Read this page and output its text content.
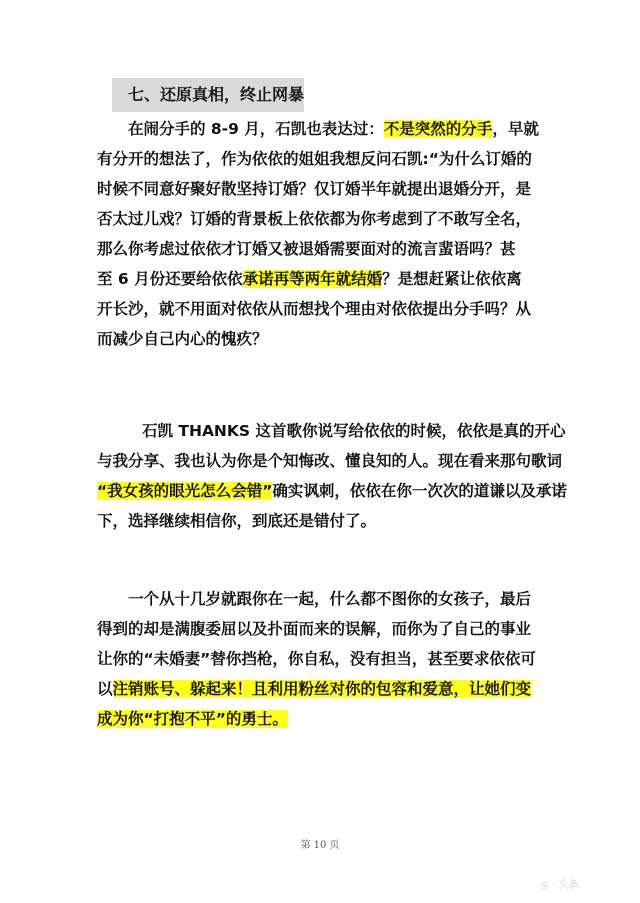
七、还原真相，终止网暴
在闹分手的 8-9 月，石凯也表达过：不是突然的分手，早就
有分开的想法了，作为依依的姐姐我想反问石凯:“为什么订婚的
时候不同意好聚好散坚持订婚？仅订婚半年就提出退婚分开，是
否太过儿戏？订婚的背景板上依依都为你考虑到了不敢写全名，
那么你考虑过依依才订婚又被退婚需要面对的流言蜚语吗？甚
至 6 月份还要给依依承诺再等两年就结婚？是想赶紧让依依离
开长沙，就不用面对依依从而想找个理由对依依提出分手吗？从
而减少自己内心的愧疚？
石凯 THANKS 这首歌你说写给依依的时候，依依是真的开心
与我分享、我也认为你是个知悔改、懂良知的人。现在看来那句歌词
“我女孩的眼光怎么会错”确实讽刺，依依在你一次次的道谦以及承诺
下，选择继续相信你，到底还是错付了。
一个从十几岁就跟你在一起，什么都不图你的女孩子，最后
得到的却是满腹委屈以及扑面而来的误解，而你为了自己的事业
让你的“未婚妻”替你挡枪，你自私，没有担当，甚至要求依依可
以注销账号、躲起来！且利用粉丝对你的包容和爱意，让她们变
成为你“打抱不平”的勇士。
第 10 页
◎ · 头条
